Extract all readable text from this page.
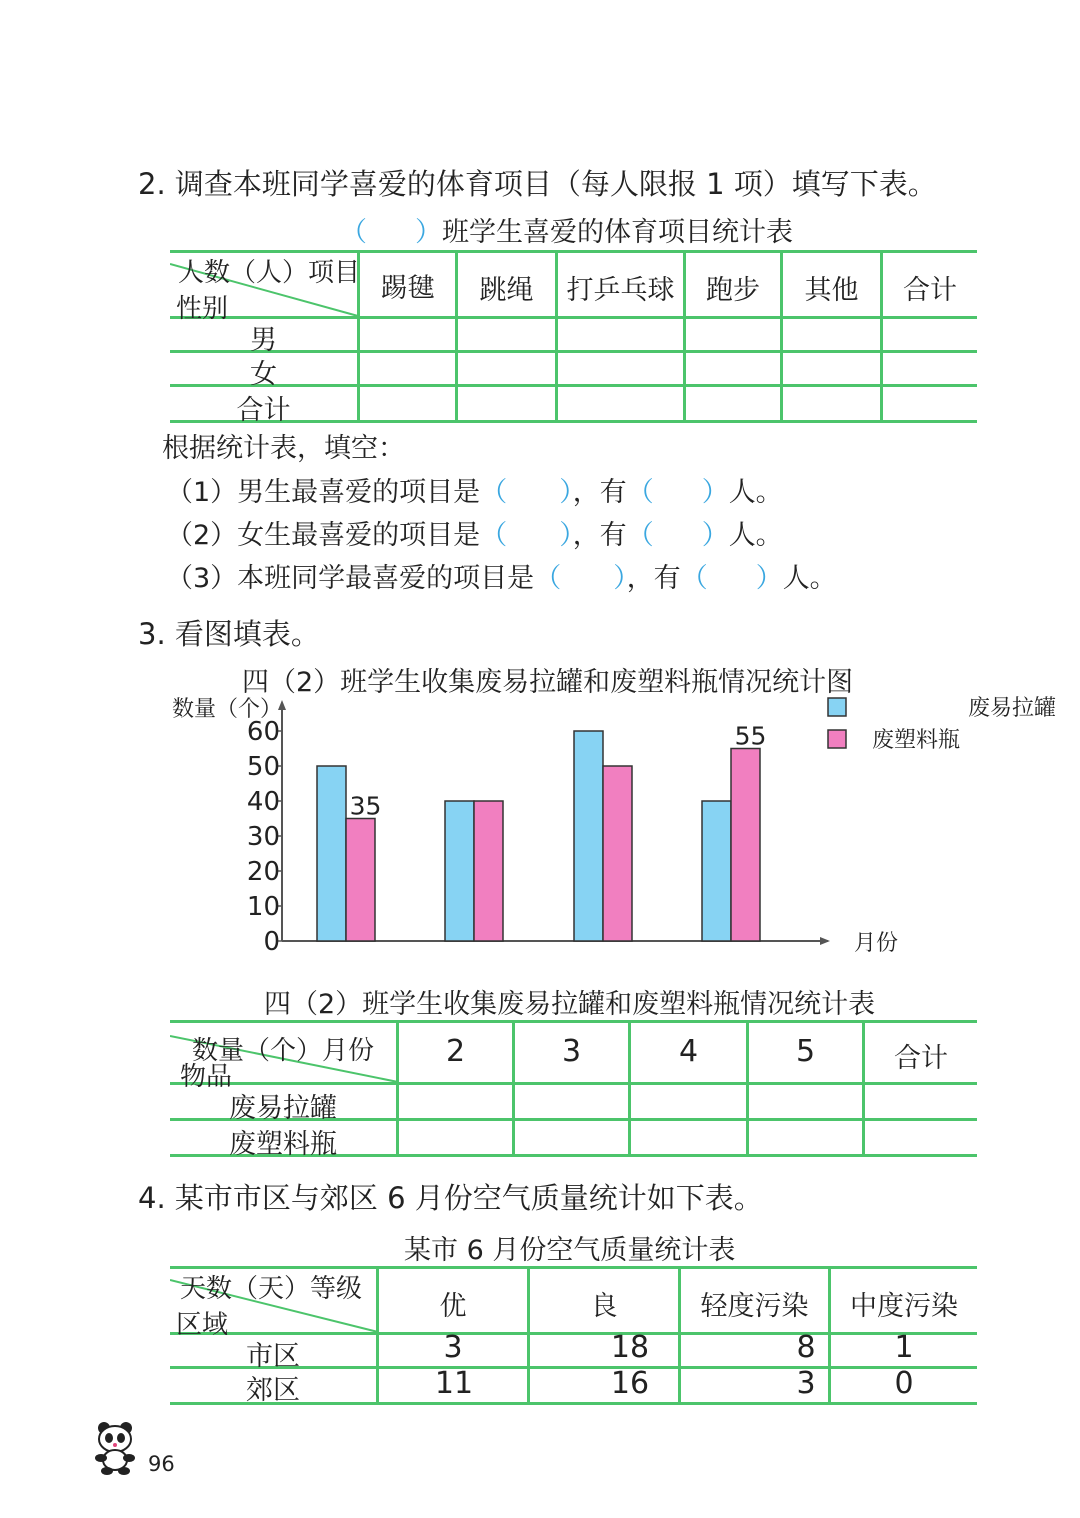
2. 调查本班同学喜爱的体育项目（每人限报 1 项）填写下表。
（ ）班学生喜爱的体育项目统计表
人数（人）项目
性别
踢毽	跳绳	打乒乓球	跑步	其他	合计
男
女
合计
根据统计表，填空：
（1）男生最喜爱的项目是（ ），有（ ）人。
（2）女生最喜爱的项目是（ ），有（ ）人。
（3）本班同学最喜爱的项目是（ ），有（ ）人。
3. 看图填表。
四（2）班学生收集废易拉罐和废塑料瓶情况统计图
0
10
20
30
40
50
60
数量（个）
月份
35
55
废易拉罐
废塑料瓶
四（2）班学生收集废易拉罐和废塑料瓶情况统计表
数量（个）月份
物品
2	3	4	5	合计
废易拉罐
废塑料瓶
4. 某市市区与郊区 6 月份空气质量统计如下表。
某市 6 月份空气质量统计表
天数（天）等级
区域
优	良	轻度污染	中度污染
市区	3	18	8	1
郊区	11	16	3	0
96
